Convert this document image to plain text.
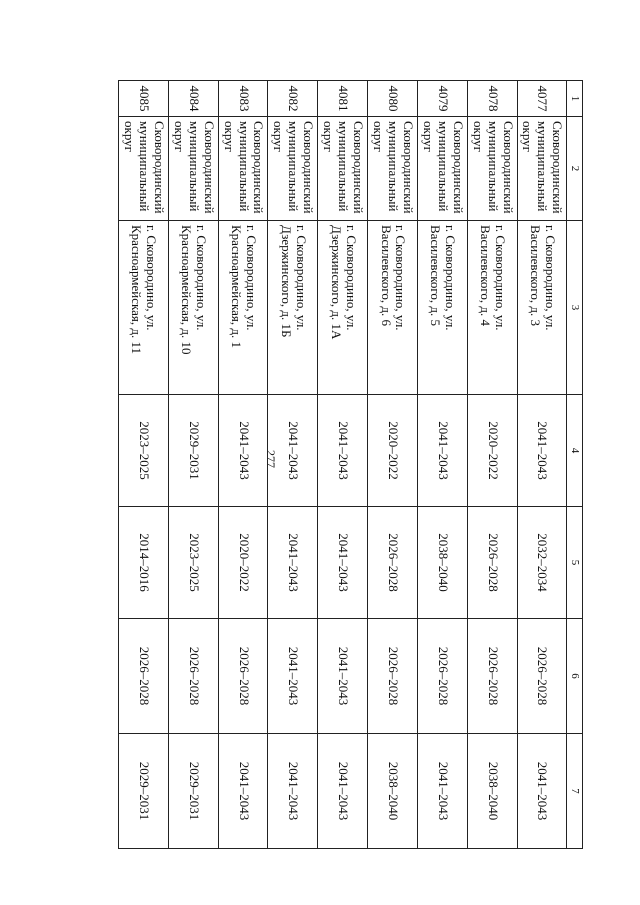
277
1	2	3	4	5	6	7
4077	Сковородинский муниципальный округ	г. Сковородино, ул. Василевского, д. 3	2041–2043	2032–2034	2026–2028	2041–2043
4078	Сковородинский муниципальный округ	г. Сковородино, ул. Василевского, д. 4	2020–2022	2026–2028	2026–2028	2038–2040
4079	Сковородинский муниципальный округ	г. Сковородино, ул. Василевского, д. 5	2041–2043	2038–2040	2026–2028	2041–2043
4080	Сковородинский муниципальный округ	г. Сковородино, ул. Василевского, д. 6	2020–2022	2026–2028	2026–2028	2038–2040
4081	Сковородинский муниципальный округ	г. Сковородино, ул. Дзержинского, д. 1А	2041–2043	2041–2043	2041–2043	2041–2043
4082	Сковородинский муниципальный округ	г. Сковородино, ул. Дзержинского, д. 1Б	2041–2043	2041–2043	2041–2043	2041–2043
4083	Сковородинский муниципальный округ	г. Сковородино, ул. Красноармейская, д. 1	2041–2043	2020–2022	2026–2028	2041–2043
4084	Сковородинский муниципальный округ	г. Сковородино, ул. Красноармейская, д. 10	2029–2031	2023–2025	2026–2028	2029–2031
4085	Сковородинский муниципальный округ	г. Сковородино, ул. Красноармейская, д. 11	2023–2025	2014–2016	2026–2028	2029–2031
